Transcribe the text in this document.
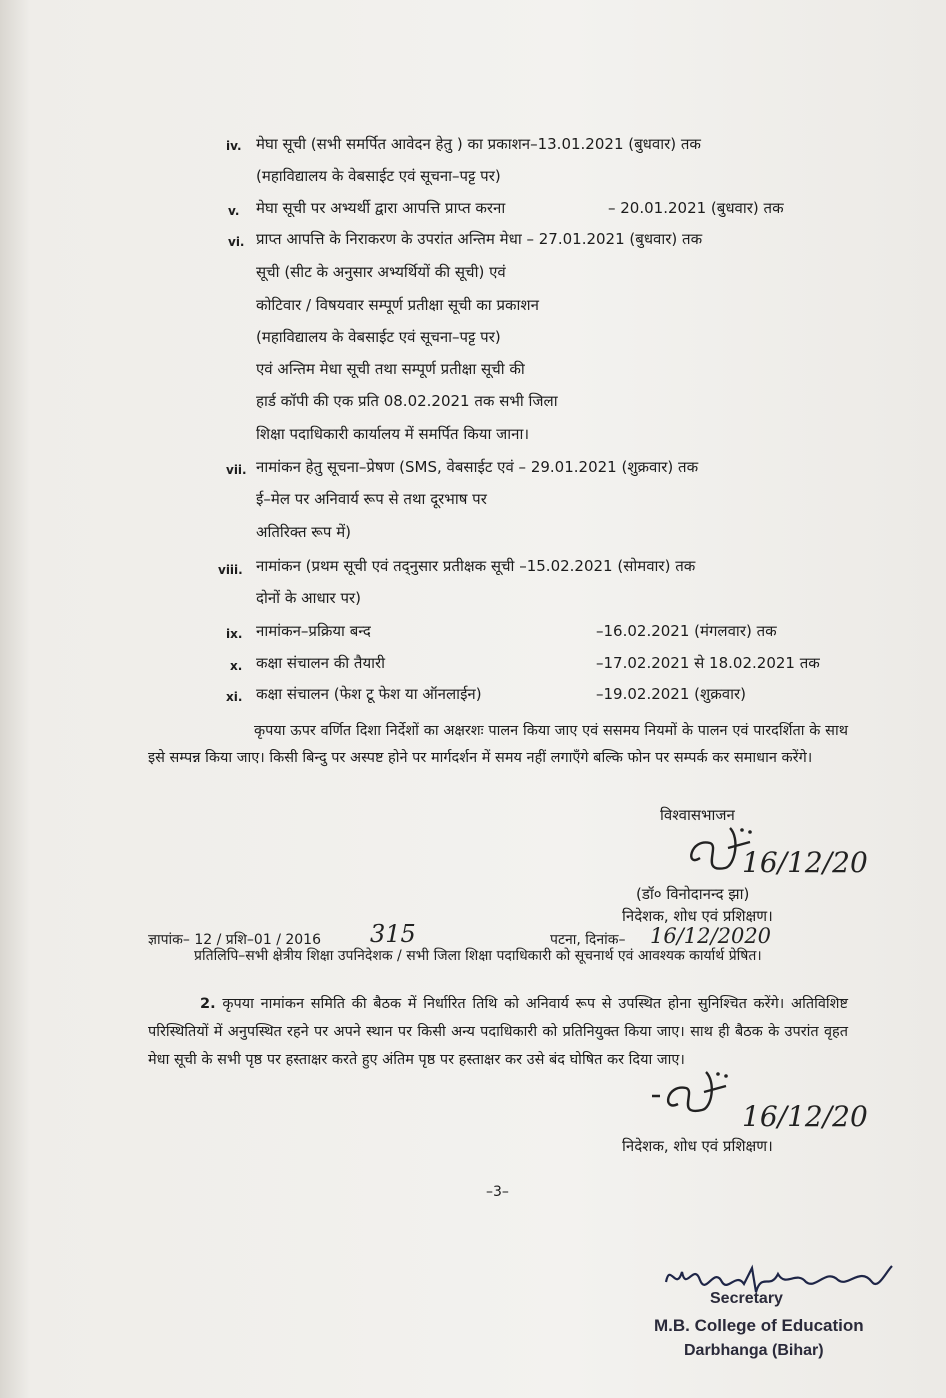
iv. मेघा सूची (सभी समर्पित आवेदन हेतु ) का प्रकाशन–13.01.2021 (बुधवार) तक
(महाविद्यालय के वेबसाईट एवं सूचना–पट्ट पर)
v. मेघा सूची पर अभ्यर्थी द्वारा आपत्ति प्राप्त करना	– 20.01.2021 (बुधवार) तक
vi. प्राप्त आपत्ति के निराकरण के उपरांत अन्तिम मेधा – 27.01.2021 (बुधवार) तक
सूची (सीट के अनुसार अभ्यर्थियों की सूची) एवं
कोटिवार / विषयवार सम्पूर्ण प्रतीक्षा सूची का प्रकाशन
(महाविद्यालय के वेबसाईट एवं सूचना–पट्ट पर)
एवं अन्तिम मेधा सूची तथा सम्पूर्ण प्रतीक्षा सूची की
हार्ड कॉपी की एक प्रति 08.02.2021 तक सभी जिला
शिक्षा पदाधिकारी कार्यालय में समर्पित किया जाना।
vii. नामांकन हेतु सूचना–प्रेषण (SMS, वेबसाईट एवं – 29.01.2021 (शुक्रवार) तक
ई–मेल पर अनिवार्य रूप से तथा दूरभाष पर
अतिरिक्त रूप में)
viii. नामांकन (प्रथम सूची एवं तद्नुसार प्रतीक्षक सूची –15.02.2021 (सोमवार) तक
दोनों के आधार पर)
ix. नामांकन–प्रक्रिया बन्द	–16.02.2021 (मंगलवार) तक
x. कक्षा संचालन की तैयारी	–17.02.2021 से 18.02.2021 तक
xi. कक्षा संचालन (फेश टू फेश या ऑनलाईन)	–19.02.2021 (शुक्रवार)
कृपया ऊपर वर्णित दिशा निर्देशों का अक्षरशः पालन किया जाए एवं ससमय नियमों के पालन एवं पारदर्शिता के साथ इसे सम्पन्न किया जाए। किसी बिन्दु पर अस्पष्ट होने पर मार्गदर्शन में समय नहीं लगाएँगे बल्कि फोन पर सम्पर्क कर समाधान करेंगे।
विश्वासभाजन
16/12/20
(डॉ० विनोदानन्द झा)
निदेशक, शोध एवं प्रशिक्षण।
ज्ञापांक– 12 / प्रशि–01 / 2016 315	पटना, दिनांक– 16/12/2020
प्रतिलिपि–सभी क्षेत्रीय शिक्षा उपनिदेशक / सभी जिला शिक्षा पदाधिकारी को सूचनार्थ एवं आवश्यक कार्यार्थ प्रेषित।
2. कृपया नामांकन समिति की बैठक में निर्धारित तिथि को अनिवार्य रूप से उपस्थित होना सुनिश्चित करेंगे। अतिविशिष्ट परिस्थितियों में अनुपस्थित रहने पर अपने स्थान पर किसी अन्य पदाधिकारी को प्रतिनियुक्त किया जाए। साथ ही बैठक के उपरांत वृहत मेधा सूची के सभी पृष्ठ पर हस्ताक्षर करते हुए अंतिम पृष्ठ पर हस्ताक्षर कर उसे बंद घोषित कर दिया जाए।
16/12/20
निदेशक, शोध एवं प्रशिक्षण।
–3–
Secretary
M.B. College of Education
Darbhanga (Bihar)
